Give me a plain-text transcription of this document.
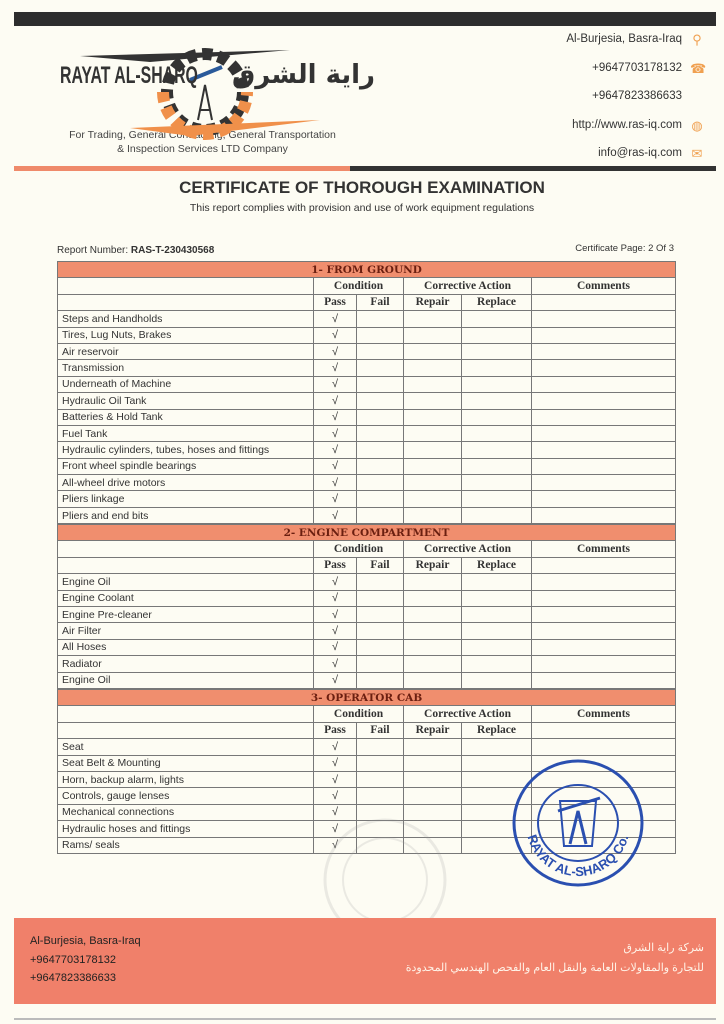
RAYAT AL-SHARQ راية الشرق
For Trading, General Contracting, General Transportation
& Inspection Services LTD Company
Al-Burjesia, Basra-Iraq ⚲
+9647703178132 ☎
+9647823386633
http://www.ras-iq.com ◍
info@ras-iq.com ✉
CERTIFICATE OF THOROUGH EXAMINATION
This report complies with provision and use of work equipment regulations
Report Number: RAS-T-230430568	Certificate Page: 2 Of 3
1- FROM GROUND					
	Condition		Corrective Action		Comments
	Pass	Fail	Repair	Replace	
Steps and Handholds	√				
Tires, Lug Nuts, Brakes	√				
Air reservoir	√				
Transmission	√				
Underneath of Machine	√				
Hydraulic Oil Tank	√				
Batteries & Hold Tank	√				
Fuel Tank	√				
Hydraulic cylinders, tubes, hoses and fittings	√				
Front wheel spindle bearings	√				
All-wheel drive motors	√				
Pliers linkage	√				
Pliers and end bits	√				
2- ENGINE COMPARTMENT					
	Condition		Corrective Action		Comments
	Pass	Fail	Repair	Replace	
Engine Oil	√				
Engine Coolant	√				
Engine Pre-cleaner	√				
Air Filter	√				
All Hoses	√				
Radiator	√				
Engine Oil	√				
3- OPERATOR CAB					
	Condition		Corrective Action		Comments
	Pass	Fail	Repair	Replace	
Seat	√				
Seat Belt & Mounting	√				
Horn, backup alarm, lights	√				
Controls, gauge lenses	√				
Mechanical connections	√				
Hydraulic hoses and fittings	√				
Rams/ seals	√					RAYAT AL-SHARQ Co.
Al-Burjesia, Basra-Iraq
+9647703178132
+9647823386633
شركة راية الشرق
للتجارة والمقاولات العامة والنقل العام والفحص الهندسي المحدودة
